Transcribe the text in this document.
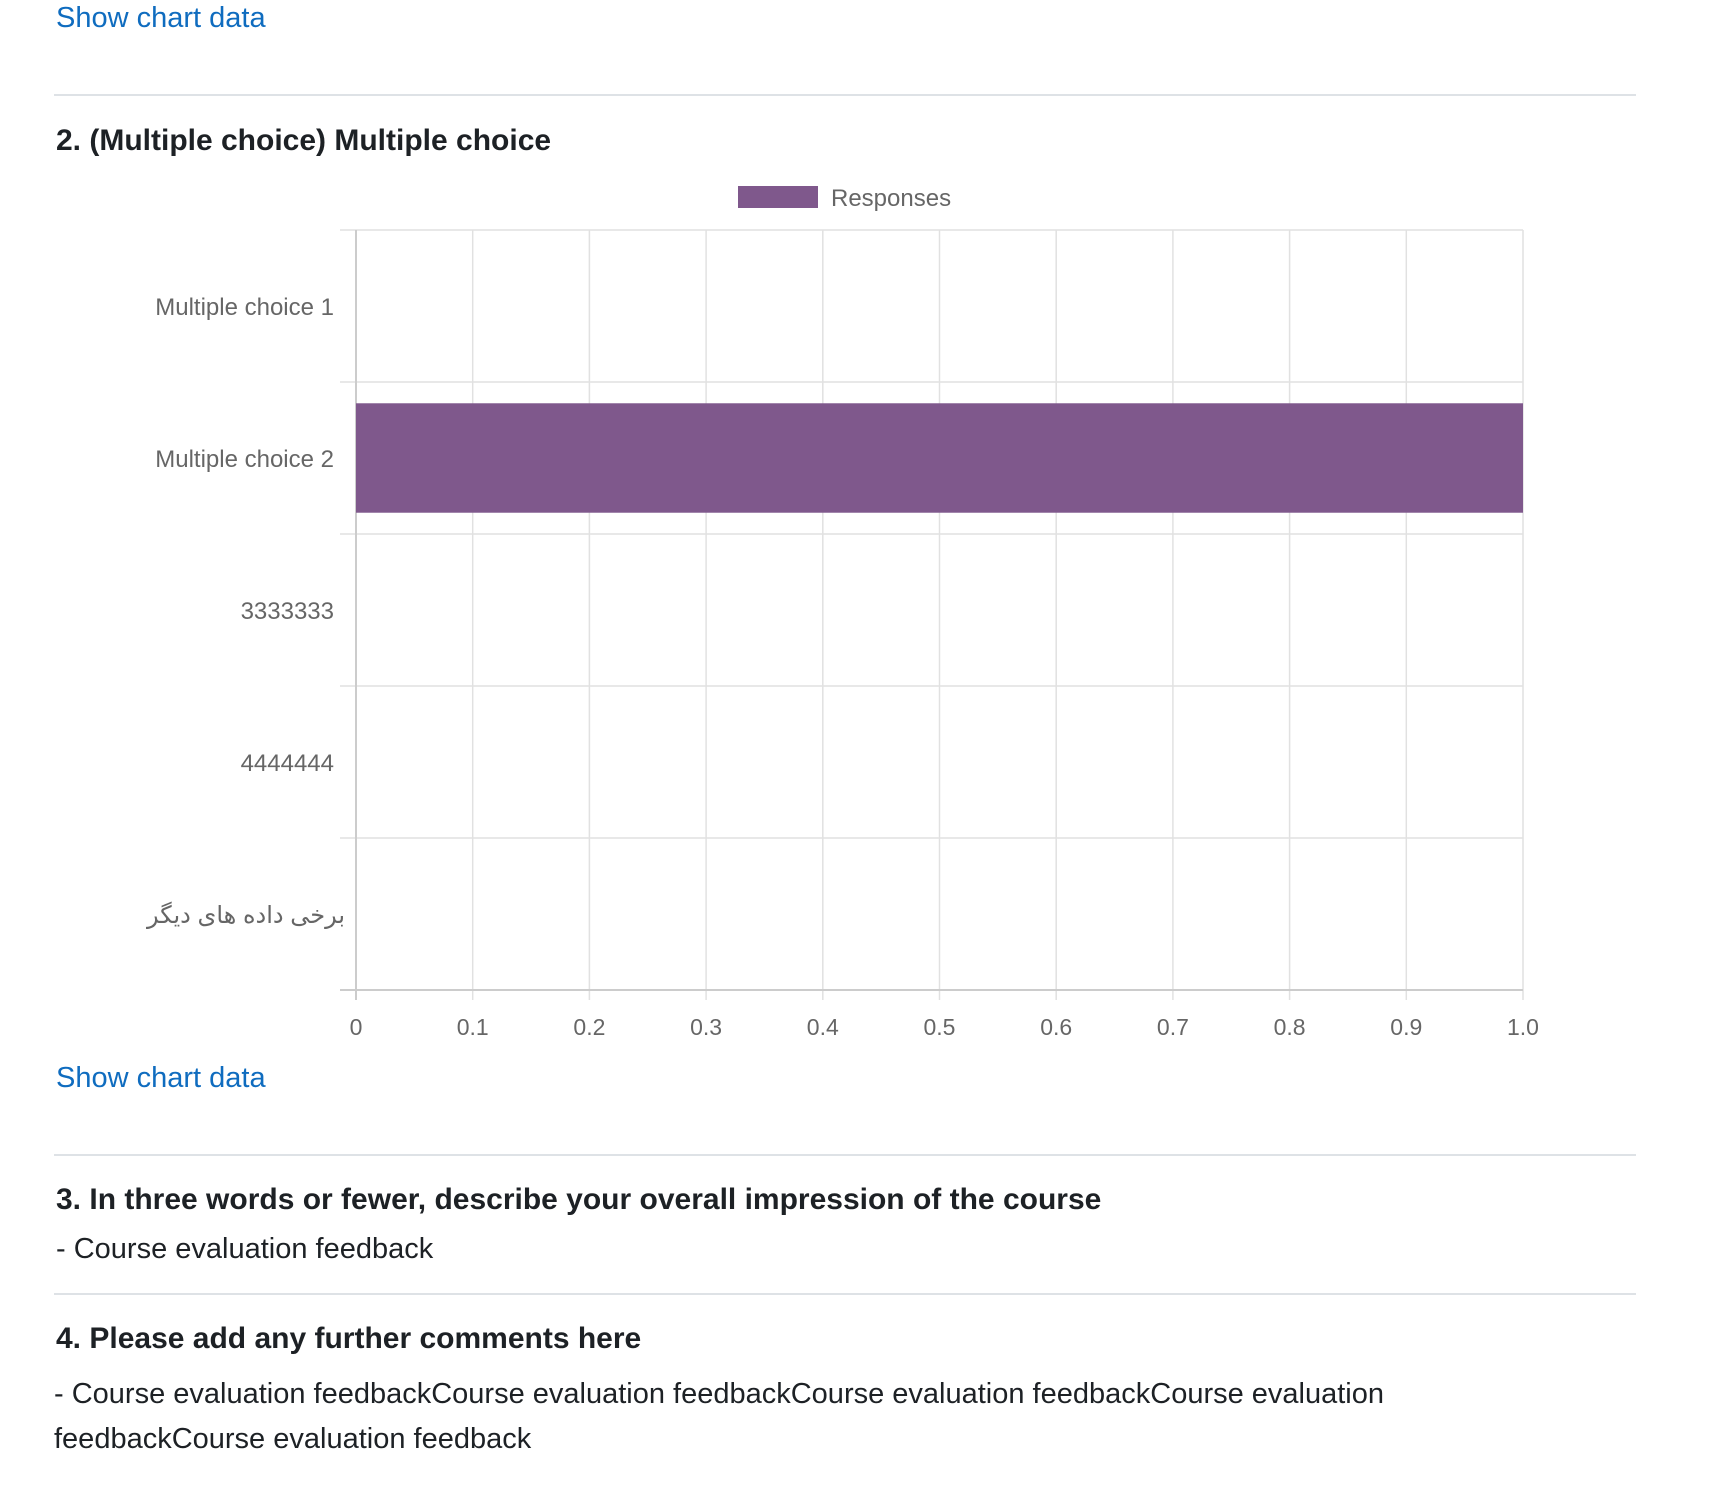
Show chart data
2. (Multiple choice) Multiple choice
Responses
Multiple choice 1
Multiple choice 2
3333333
4444444
برخی داده های دیگر
0	0.1	0.2	0.3	0.4	0.5	0.6	0.7	0.8	0.9	1.0
Show chart data
3. In three words or fewer, describe your overall impression of the course
- Course evaluation feedback
4. Please add any further comments here
- Course evaluation feedbackCourse evaluation feedbackCourse evaluation feedbackCourse evaluation feedbackCourse evaluation feedback
